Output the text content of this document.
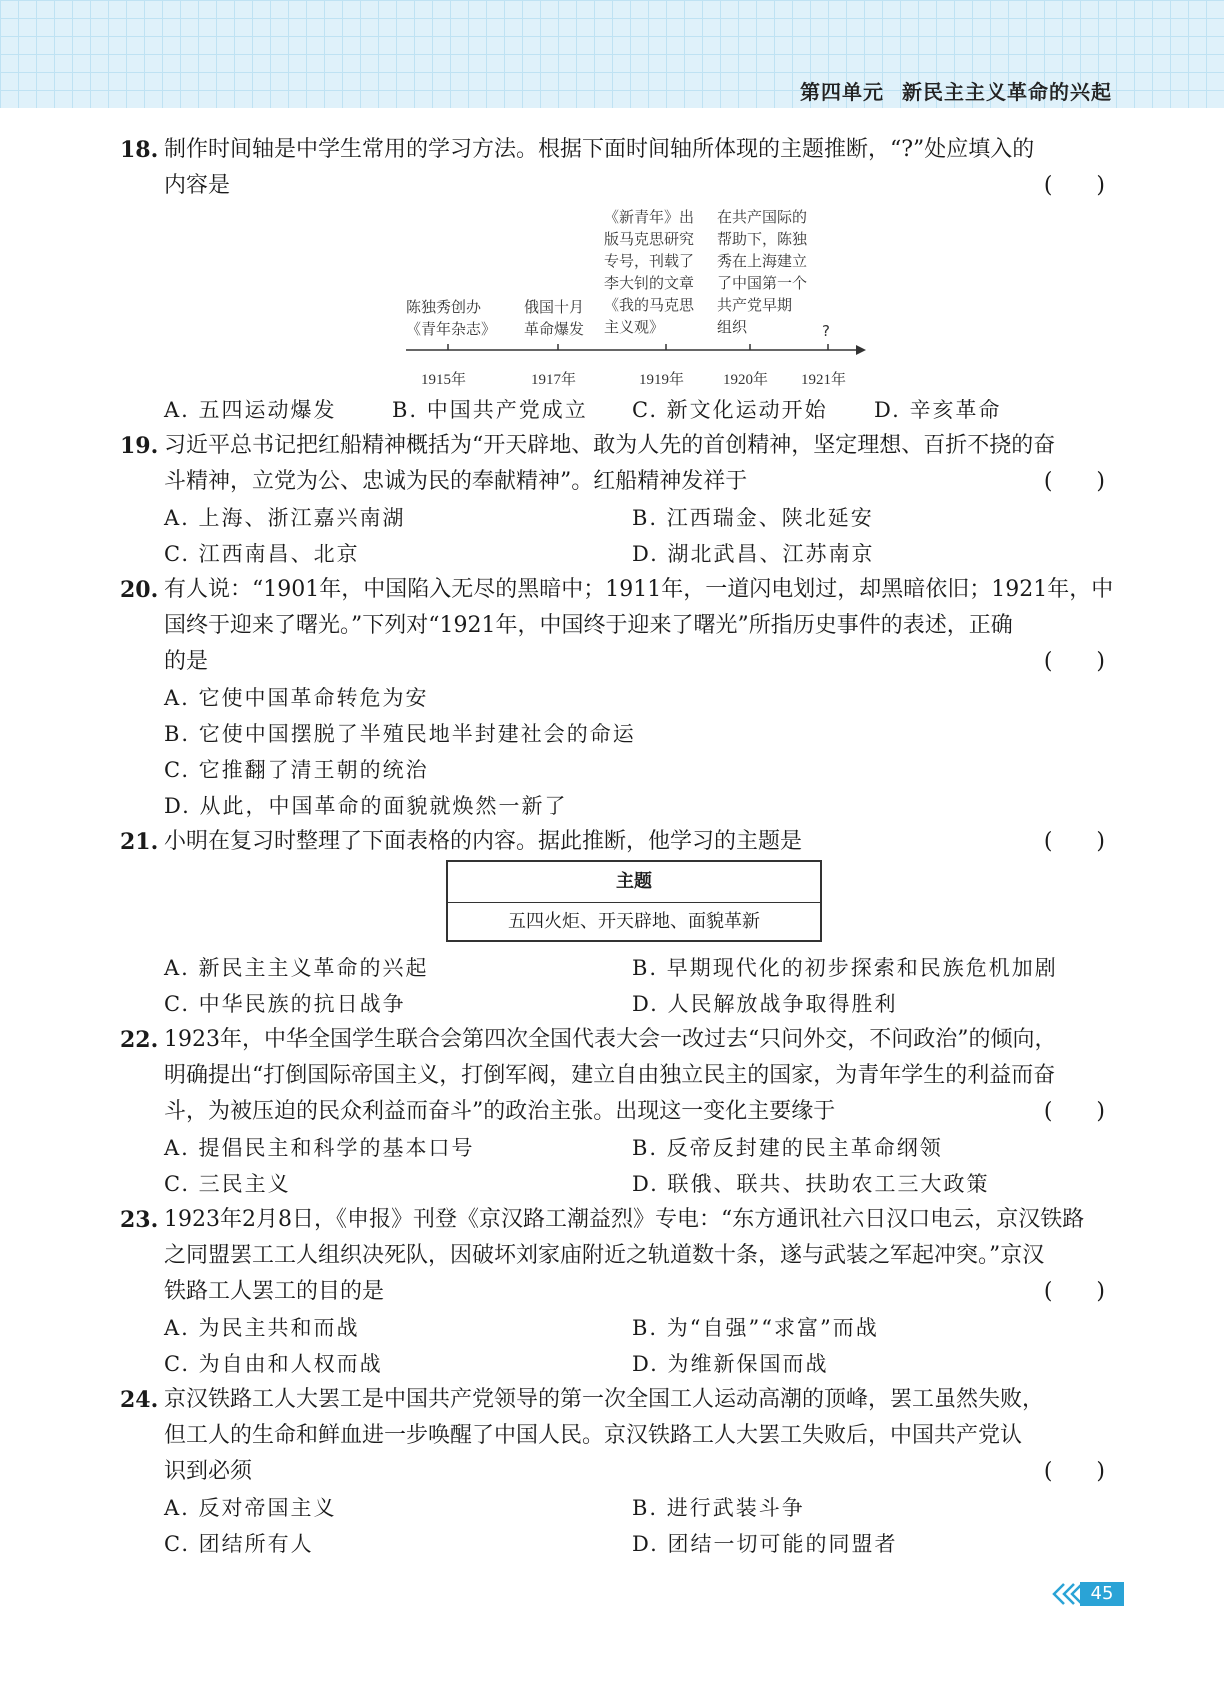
第四单元 新民主主义革命的兴起
18. 制作时间轴是中学生常用的学习方法。根据下面时间轴所体现的主题推断，“?”处应填入的
内容是	(　　)
陈独秀创办
《青年杂志》
俄国十月
革命爆发
《新青年》出
版马克思研究
专号，刊载了
李大钊的文章
《我的马克思
主义观》
在共产国际的
帮助下，陈独
秀在上海建立
了中国第一个
共产党早期
组织	?
1915年	1917年	1919年	1920年 1921年
A. 五四运动爆发	B. 中国共产党成立 C. 新文化运动开始 D. 辛亥革命
19. 习近平总书记把红船精神概括为“开天辟地、敢为人先的首创精神，坚定理想、百折不挠的奋
斗精神，立党为公、忠诚为民的奉献精神”。红船精神发祥于	(　　)
A. 上海、浙江嘉兴南湖	B. 江西瑞金、陕北延安
C. 江西南昌、北京	D. 湖北武昌、江苏南京
20. 有人说：“1901年，中国陷入无尽的黑暗中；1911年，一道闪电划过，却黑暗依旧；1921年，中
国终于迎来了曙光。”下列对“1921年，中国终于迎来了曙光”所指历史事件的表述，正确
的是	(　　)
A. 它使中国革命转危为安
B. 它使中国摆脱了半殖民地半封建社会的命运
C. 它推翻了清王朝的统治
D. 从此，中国革命的面貌就焕然一新了
21. 小明在复习时整理了下面表格的内容。据此推断，他学习的主题是	(　　)
主题
五四火炬、开天辟地、面貌革新
A. 新民主主义革命的兴起	B. 早期现代化的初步探索和民族危机加剧
C. 中华民族的抗日战争	D. 人民解放战争取得胜利
22. 1923年，中华全国学生联合会第四次全国代表大会一改过去“只问外交，不问政治”的倾向，
明确提出“打倒国际帝国主义，打倒军阀，建立自由独立民主的国家，为青年学生的利益而奋
斗，为被压迫的民众利益而奋斗”的政治主张。出现这一变化主要缘于	(　　)
A. 提倡民主和科学的基本口号	B. 反帝反封建的民主革命纲领
C. 三民主义	D. 联俄、联共、扶助农工三大政策
23. 1923年2月8日，《申报》刊登《京汉路工潮益烈》专电：“东方通讯社六日汉口电云，京汉铁路
之同盟罢工工人组织决死队，因破坏刘家庙附近之轨道数十条，遂与武装之军起冲突。”京汉
铁路工人罢工的目的是	(　　)
A. 为民主共和而战	B. 为“自强”“求富”而战
C. 为自由和人权而战	D. 为维新保国而战
24. 京汉铁路工人大罢工是中国共产党领导的第一次全国工人运动高潮的顶峰，罢工虽然失败，
但工人的生命和鲜血进一步唤醒了中国人民。京汉铁路工人大罢工失败后，中国共产党认
识到必须	(　　)
A. 反对帝国主义	B. 进行武装斗争
C. 团结所有人	D. 团结一切可能的同盟者
45
